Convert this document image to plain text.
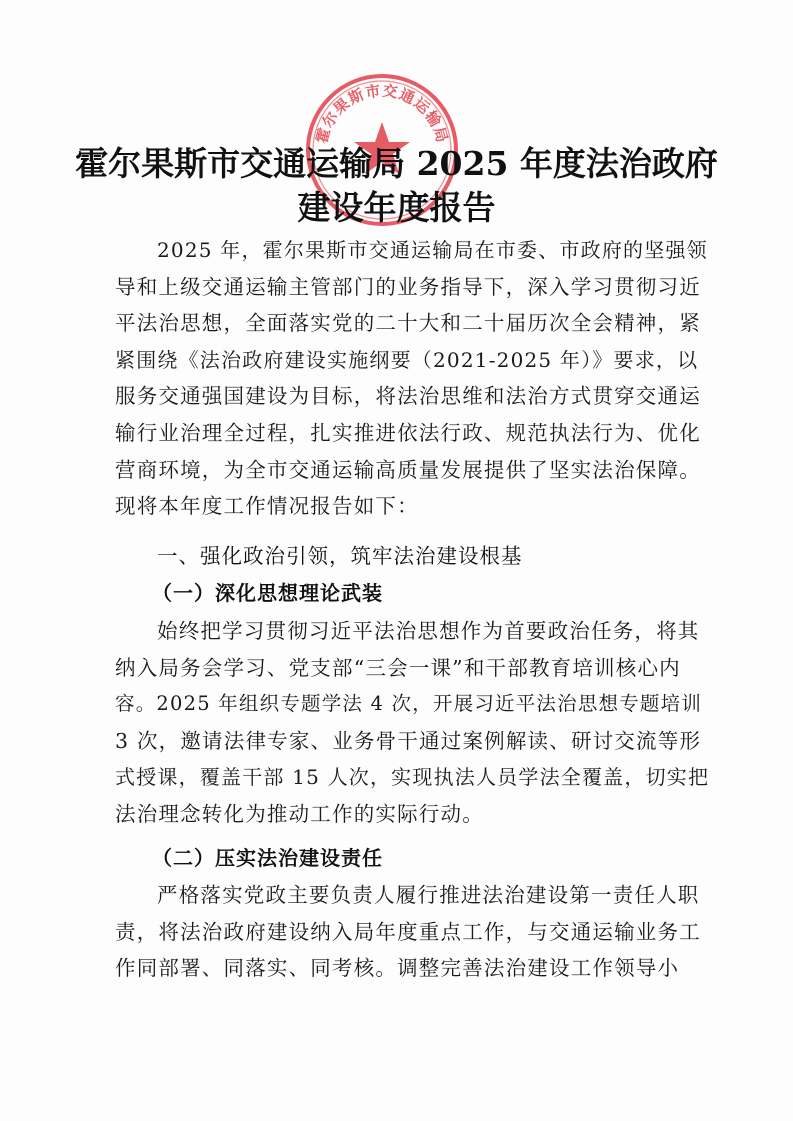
霍尔果斯市交通运输局
霍尔果斯市交通运输局 2025 年度法治政府
建设年度报告
2025 年，霍尔果斯市交通运输局在市委、市政府的坚强领
导和上级交通运输主管部门的业务指导下，深入学习贯彻习近
平法治思想，全面落实党的二十大和二十届历次全会精神，紧
紧围绕《法治政府建设实施纲要（2021-2025 年）》要求，以
服务交通强国建设为目标，将法治思维和法治方式贯穿交通运
输行业治理全过程，扎实推进依法行政、规范执法行为、优化
营商环境，为全市交通运输高质量发展提供了坚实法治保障。
现将本年度工作情况报告如下：
一、强化政治引领，筑牢法治建设根基
（一）深化思想理论武装
始终把学习贯彻习近平法治思想作为首要政治任务，将其
纳入局务会学习、党支部“三会一课”和干部教育培训核心内
容。2025 年组织专题学法 4 次，开展习近平法治思想专题培训
3 次，邀请法律专家、业务骨干通过案例解读、研讨交流等形
式授课，覆盖干部 15 人次，实现执法人员学法全覆盖，切实把
法治理念转化为推动工作的实际行动。
（二）压实法治建设责任
严格落实党政主要负责人履行推进法治建设第一责任人职
责，将法治政府建设纳入局年度重点工作，与交通运输业务工
作同部署、同落实、同考核。调整完善法治建设工作领导小
